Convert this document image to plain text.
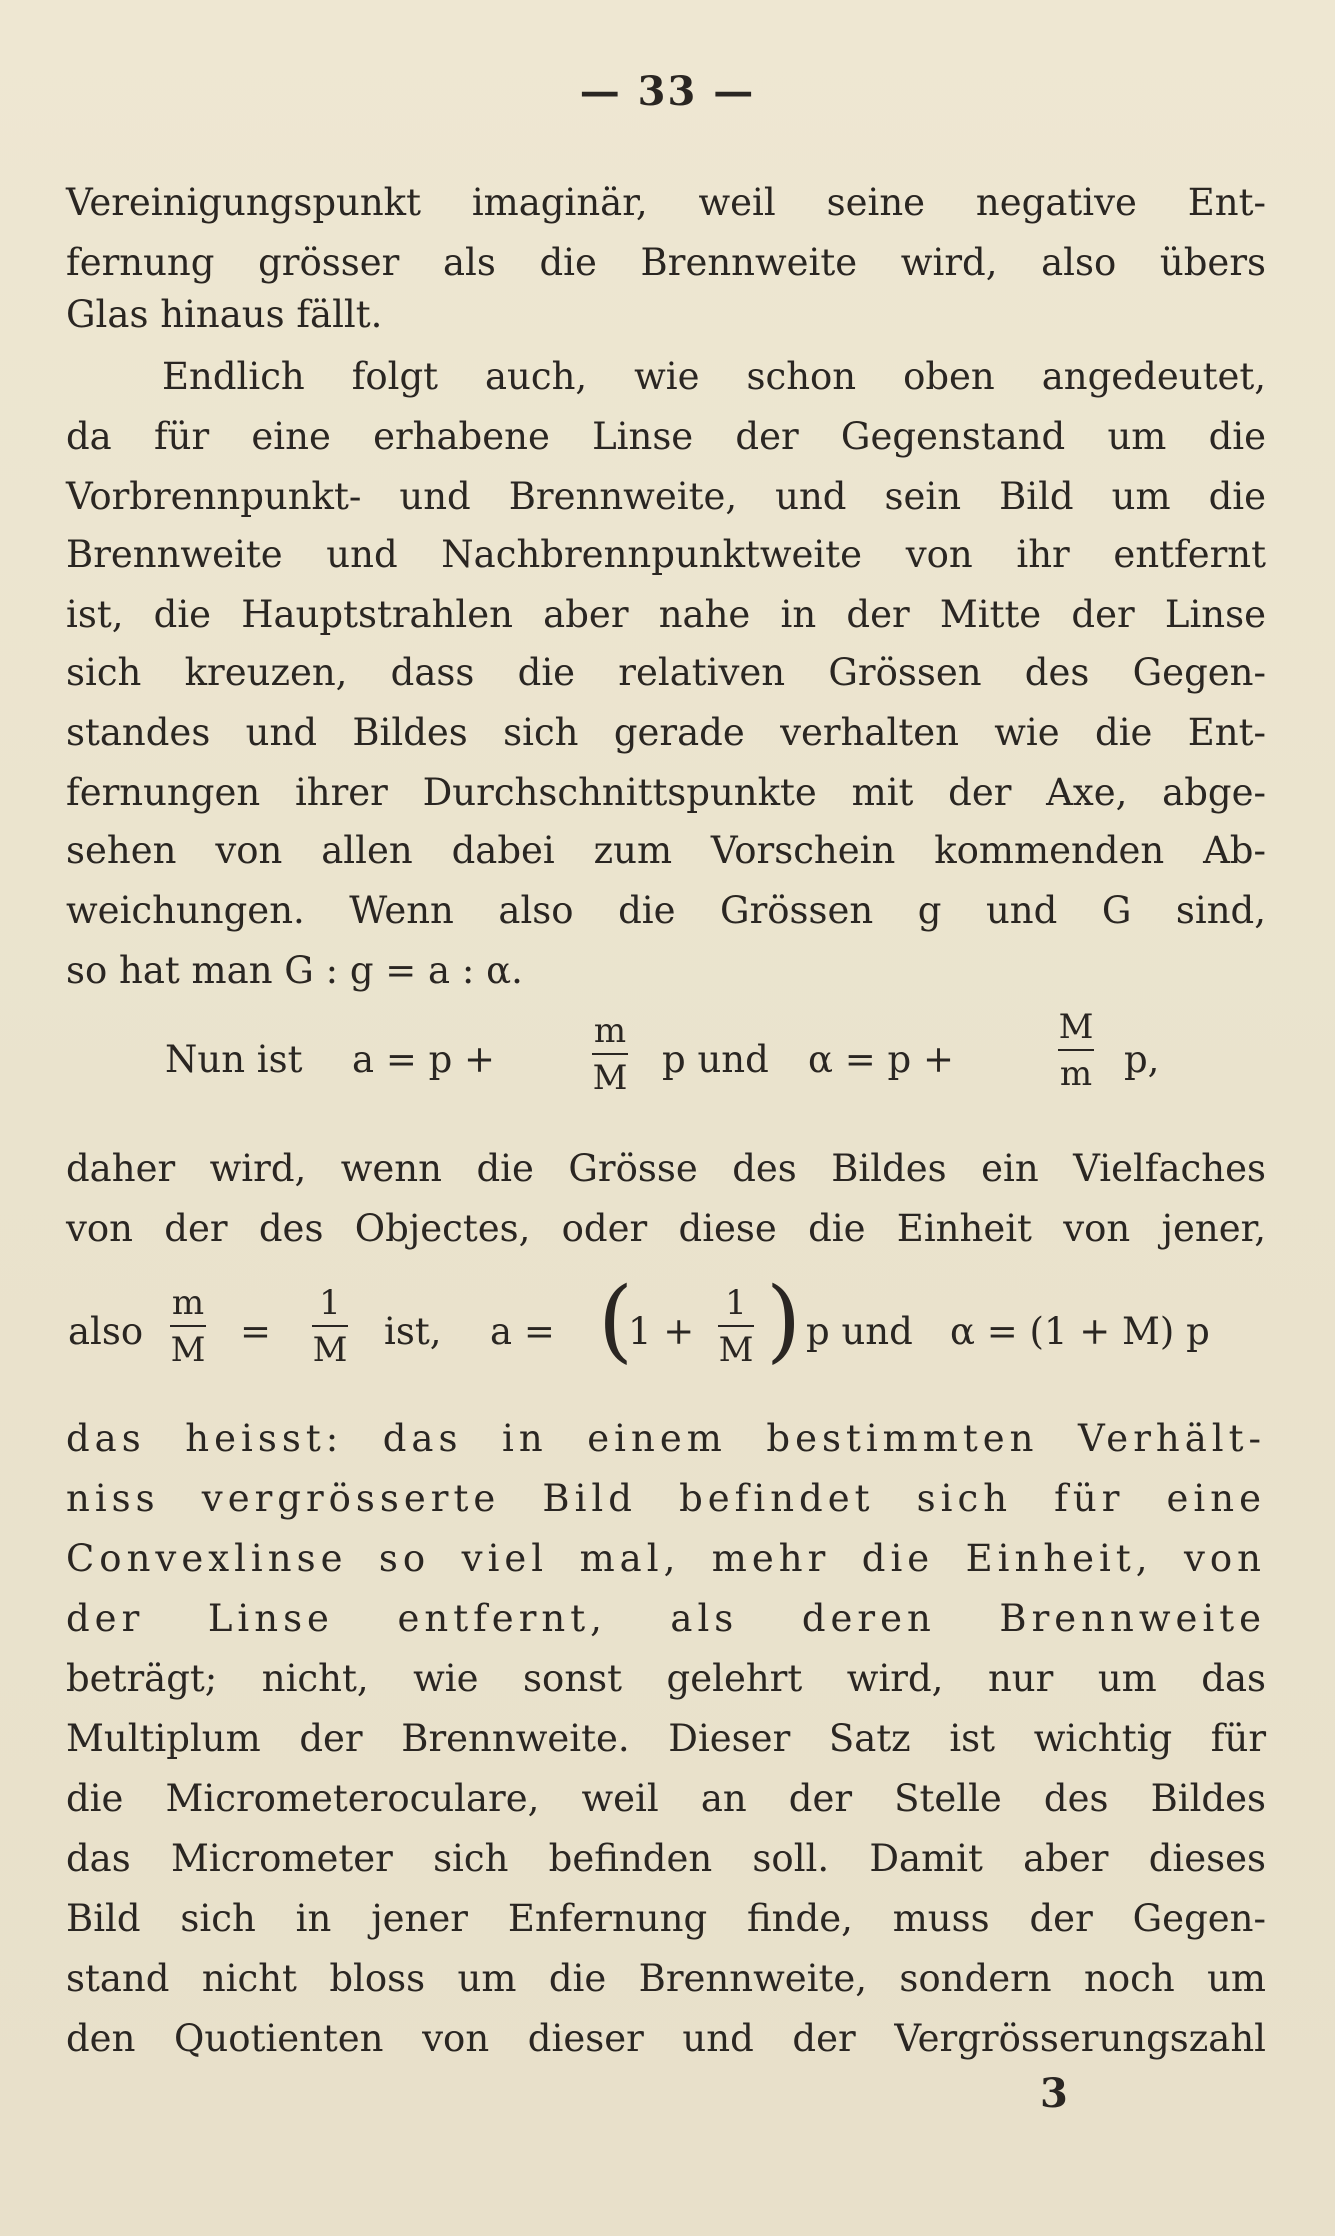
— 33 —
Vereinigungspunkt imaginär, weil seine negative Ent-
fernung grösser als die Brennweite wird, also übers
Glas hinaus fällt.
Endlich folgt auch, wie schon oben angedeutet,
da für eine erhabene Linse der Gegenstand um die
Vorbrennpunkt- und Brennweite, und sein Bild um die
Brennweite und Nachbrennpunktweite von ihr entfernt
ist, die Hauptstrahlen aber nahe in der Mitte der Linse
sich kreuzen, dass die relativen Grössen des Gegen-
standes und Bildes sich gerade verhalten wie die Ent-
fernungen ihrer Durchschnittspunkte mit der Axe, abge-
sehen von allen dabei zum Vorschein kommenden Ab-
weichungen. Wenn also die Grössen g und G sind,
so hat man G : g = a : α.
Nun ist a = p +
m
M p und α = p +
M
m p,
daher wird, wenn die Grösse des Bildes ein Vielfaches
von der des Objectes, oder diese die Einheit von jener,
also
m
M =
1
M ist, a = (
1 +
1
M ) p und α = (1 + M) p
das heisst: das in einem bestimmten Verhält-
niss vergrösserte Bild befindet sich für eine
Convexlinse so viel mal, mehr die Einheit, von
der Linse entfernt, als deren Brennweite
beträgt; nicht, wie sonst gelehrt wird, nur um das
Multiplum der Brennweite. Dieser Satz ist wichtig für
die Micrometeroculare, weil an der Stelle des Bildes
das Micrometer sich befinden soll. Damit aber dieses
Bild sich in jener Enfernung finde, muss der Gegen-
stand nicht bloss um die Brennweite, sondern noch um
den Quotienten von dieser und der Vergrösserungszahl
3
